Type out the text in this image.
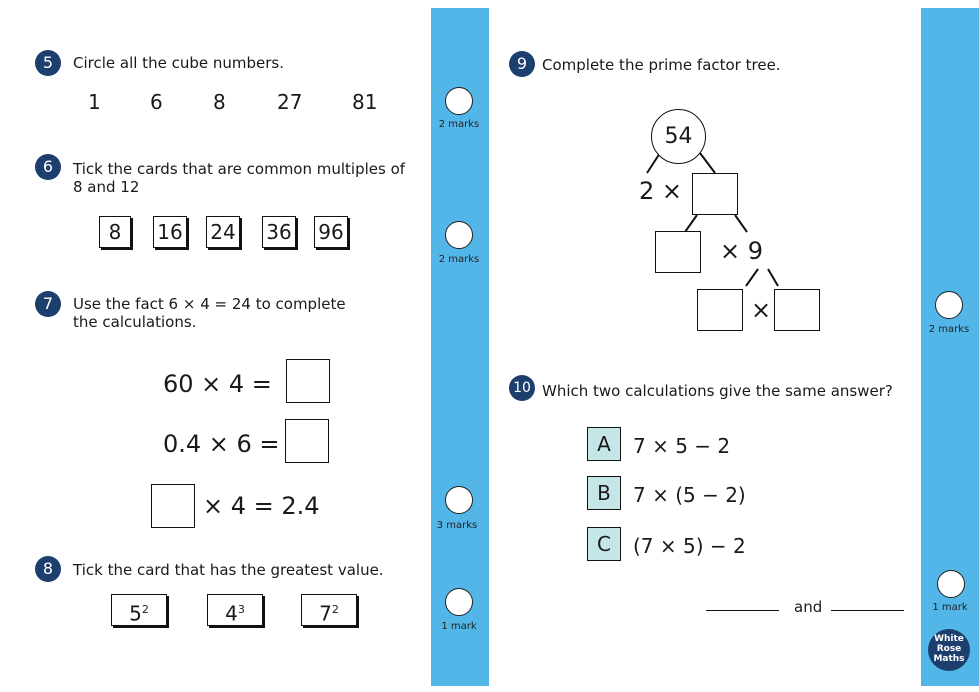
5	Circle all the cube numbers.
1 6	8	27 81
2 marks
6	Tick the cards that are common multiples of 8 and 12
8	16 24 36 96
2 marks
7	Use the fact 6 × 4 = 24 to complete the calculations.
60 × 4 =
0.4 × 6 =
× 4 = 2.4
3 marks
8	Tick the card that has the greatest value.
$5^2$	$4^3$	$7^2$
1 mark
9 Complete the prime factor tree.
54
2 ×
× 9
×
2 marks
10 Which two calculations give the same answer?
A	7 × 5 − 2
B	7 × (5 − 2)
C	(7 × 5) − 2
and	1 mark
White
Rose
Maths
